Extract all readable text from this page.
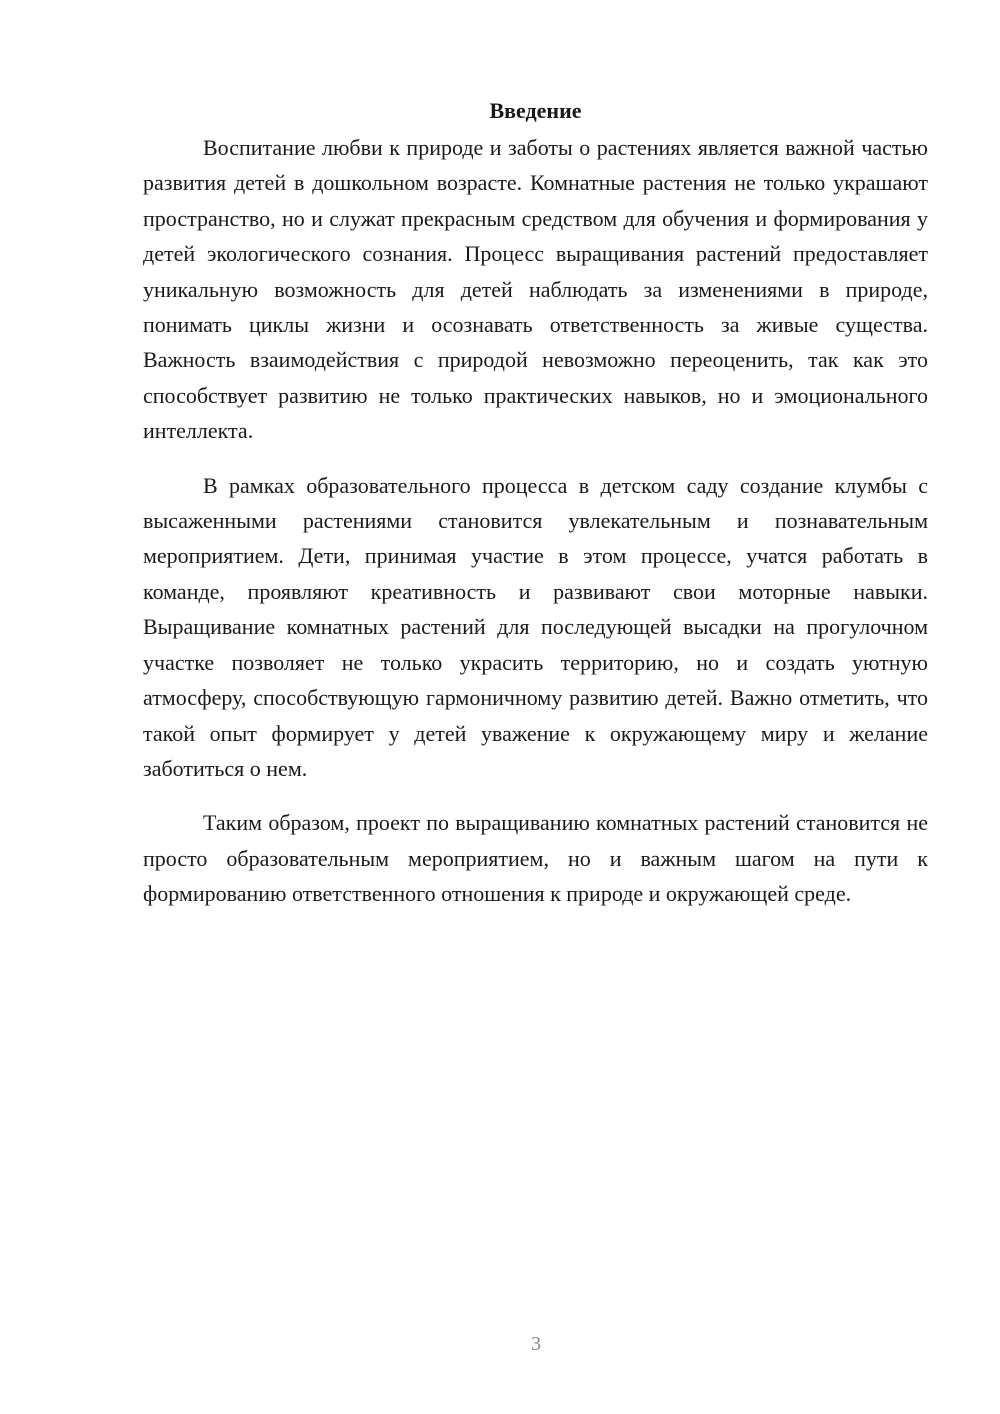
Введение

Воспитание любви к природе и заботы о растениях является важной частью развития детей в дошкольном возрасте. Комнатные растения не только украшают пространство, но и служат прекрасным средством для обучения и формирования у детей экологического сознания. Процесс выращивания растений предоставляет уникальную возможность для детей наблюдать за изменениями в природе, понимать циклы жизни и осознавать ответственность за живые существа. Важность взаимодействия с природой невозможно переоценить, так как это способствует развитию не только практических навыков, но и эмоционального интеллекта.

В рамках образовательного процесса в детском саду создание клумбы с высаженными растениями становится увлекательным и познавательным мероприятием. Дети, принимая участие в этом процессе, учатся работать в команде, проявляют креативность и развивают свои моторные навыки. Выращивание комнатных растений для последующей высадки на прогулочном участке позволяет не только украсить территорию, но и создать уютную атмосферу, способствующую гармоничному развитию детей. Важно отметить, что такой опыт формирует у детей уважение к окружающему миру и желание заботиться о нем.

Таким образом, проект по выращиванию комнатных растений становится не просто образовательным мероприятием, но и важным шагом на пути к формированию ответственного отношения к природе и окружающей среде.

3
